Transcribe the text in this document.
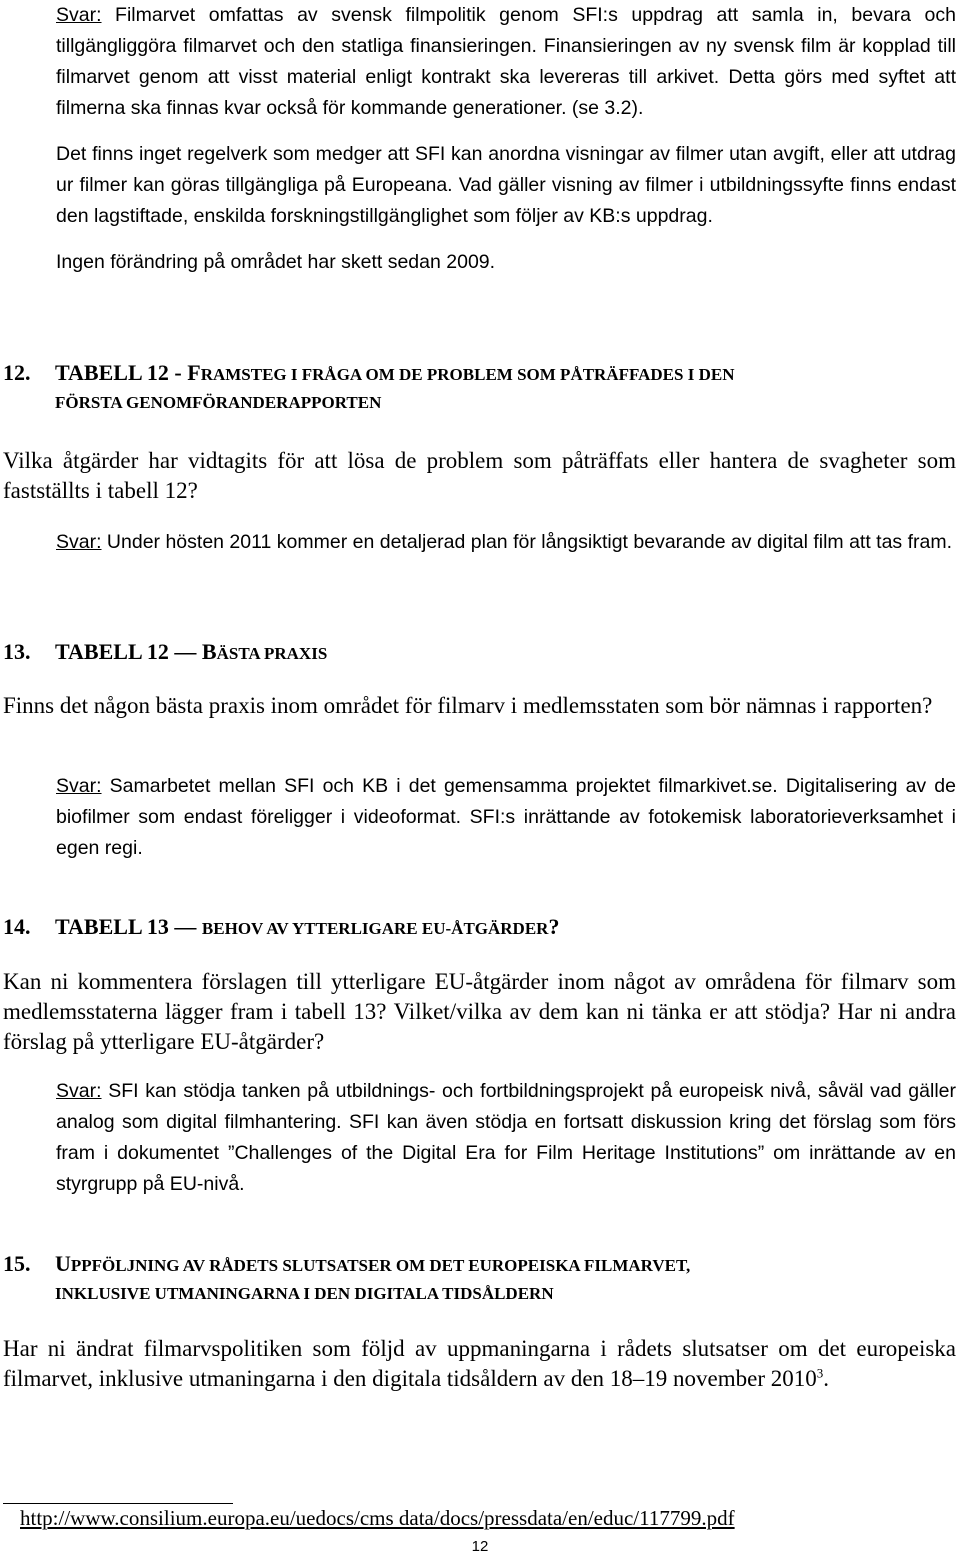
Svar: Filmarvet omfattas av svensk filmpolitik genom SFI:s uppdrag att samla in, bevara och tillgängliggöra filmarvet och den statliga finansieringen. Finansieringen av ny svensk film är kopplad till filmarvet genom att visst material enligt kontrakt ska levereras till arkivet. Detta görs med syftet att filmerna ska finnas kvar också för kommande generationer. (se 3.2).

Det finns inget regelverk som medger att SFI kan anordna visningar av filmer utan avgift, eller att utdrag ur filmer kan göras tillgängliga på Europeana. Vad gäller visning av filmer i utbildningssyfte finns endast den lagstiftade, enskilda forskningstillgänglighet som följer av KB:s uppdrag.

Ingen förändring på området har skett sedan 2009.

12. TABELL 12 - FRAMSTEG I FRÅGA OM DE PROBLEM SOM PÅTRÄFFADES I DEN
FÖRSTA GENOMFÖRANDERAPPORTEN

Vilka åtgärder har vidtagits för att lösa de problem som påträffats eller hantera de svagheter som fastställts i tabell 12?

Svar: Under hösten 2011 kommer en detaljerad plan för långsiktigt bevarande av digital film att tas fram.

13. TABELL 12 — BÄSTA PRAXIS

Finns det någon bästa praxis inom området för filmarv i medlemsstaten som bör nämnas i rapporten?

Svar: Samarbetet mellan SFI och KB i det gemensamma projektet filmarkivet.se. Digitalisering av de biofilmer som endast föreligger i videoformat. SFI:s inrättande av fotokemisk laboratorieverksamhet i egen regi.

14. TABELL 13 — BEHOV AV YTTERLIGARE EU-ÅTGÄRDER?

Kan ni kommentera förslagen till ytterligare EU-åtgärder inom något av områdena för filmarv som medlemsstaterna lägger fram i tabell 13? Vilket/vilka av dem kan ni tänka er att stödja? Har ni andra förslag på ytterligare EU-åtgärder?

Svar: SFI kan stödja tanken på utbildnings- och fortbildningsprojekt på europeisk nivå, såväl vad gäller analog som digital filmhantering. SFI kan även stödja en fortsatt diskussion kring det förslag som förs fram i dokumentet ”Challenges of the Digital Era for Film Heritage Institutions” om inrättande av en styrgrupp på EU-nivå.

15. UPPFÖLJNING AV RÅDETS SLUTSATSER OM DET EUROPEISKA FILMARVET,
INKLUSIVE UTMANINGARNA I DEN DIGITALA TIDSÅLDERN

Har ni ändrat filmarvspolitiken som följd av uppmaningarna i rådets slutsatser om det europeiska filmarvet, inklusive utmaningarna i den digitala tidsåldern av den 18–19 november 2010$^3$.

http://www.consilium.europa.eu/uedocs/cms data/docs/pressdata/en/educ/117799.pdf
12
